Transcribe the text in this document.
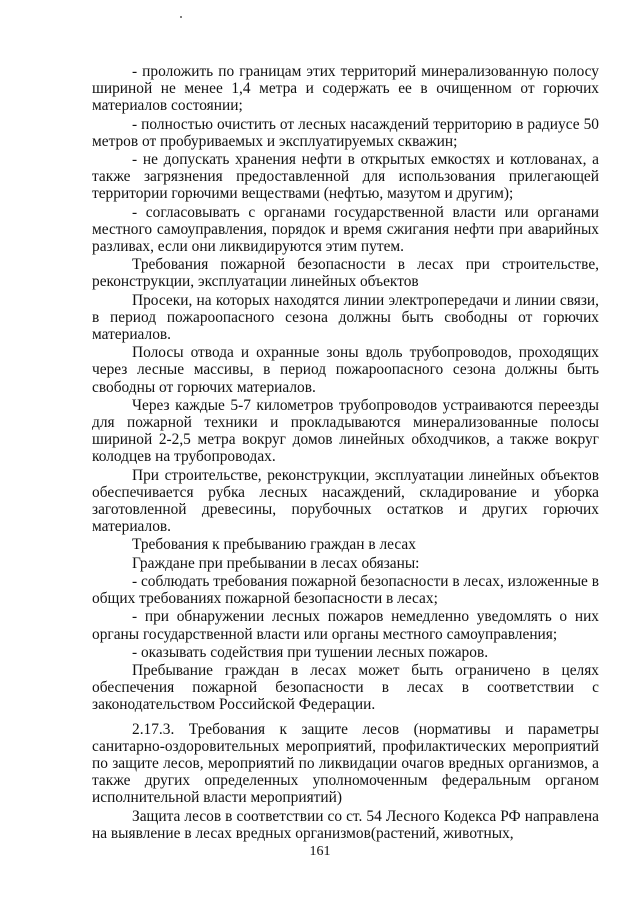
- проложить по границам этих территорий минерализованную полосу шириной не менее 1,4 метра и содержать ее в очищенном от горючих материалов состоянии;

- полностью очистить от лесных насаждений территорию в радиусе 50 метров от пробуриваемых и эксплуатируемых скважин;

- не допускать хранения нефти в открытых емкостях и котлованах, а также загрязнения предоставленной для использования прилегающей территории горючими веществами (нефтью, мазутом и другим);

- согласовывать с органами государственной власти или органами местного самоуправления, порядок и время сжигания нефти при аварийных разливах, если они ликвидируются этим путем.

Требования пожарной безопасности в лесах при строительстве, реконструкции, эксплуатации линейных объектов

Просеки, на которых находятся линии электропередачи и линии связи, в период пожароопасного сезона должны быть свободны от горючих материалов.

Полосы отвода и охранные зоны вдоль трубопроводов, проходящих через лесные массивы, в период пожароопасного сезона должны быть свободны от горючих материалов.

Через каждые 5-7 километров трубопроводов устраиваются переезды для пожарной техники и прокладываются минерализованные полосы шириной 2-2,5 метра вокруг домов линейных обходчиков, а также вокруг колодцев на трубопроводах.

При строительстве, реконструкции, эксплуатации линейных объектов обеспечивается рубка лесных насаждений, складирование и уборка заготовленной древесины, порубочных остатков и других горючих материалов.

Требования к пребыванию граждан в лесах

Граждане при пребывании в лесах обязаны:

- соблюдать требования пожарной безопасности в лесах, изложенные в общих требованиях пожарной безопасности в лесах;

- при обнаружении лесных пожаров немедленно уведомлять о них органы государственной власти или органы местного самоуправления;

- оказывать содействия при тушении лесных пожаров.

Пребывание граждан в лесах может быть ограничено в целях обеспечения пожарной безопасности в лесах в соответствии с законодательством Российской Федерации.

2.17.3. Требования к защите лесов (нормативы и параметры санитарно-оздоровительных мероприятий, профилактических мероприятий по защите лесов, мероприятий по ликвидации очагов вредных организмов, а также других определенных уполномоченным федеральным органом исполнительной власти мероприятий)

Защита лесов в соответствии со ст. 54 Лесного Кодекса РФ направлена на выявление в лесах вредных организмов(растений, животных,

161
